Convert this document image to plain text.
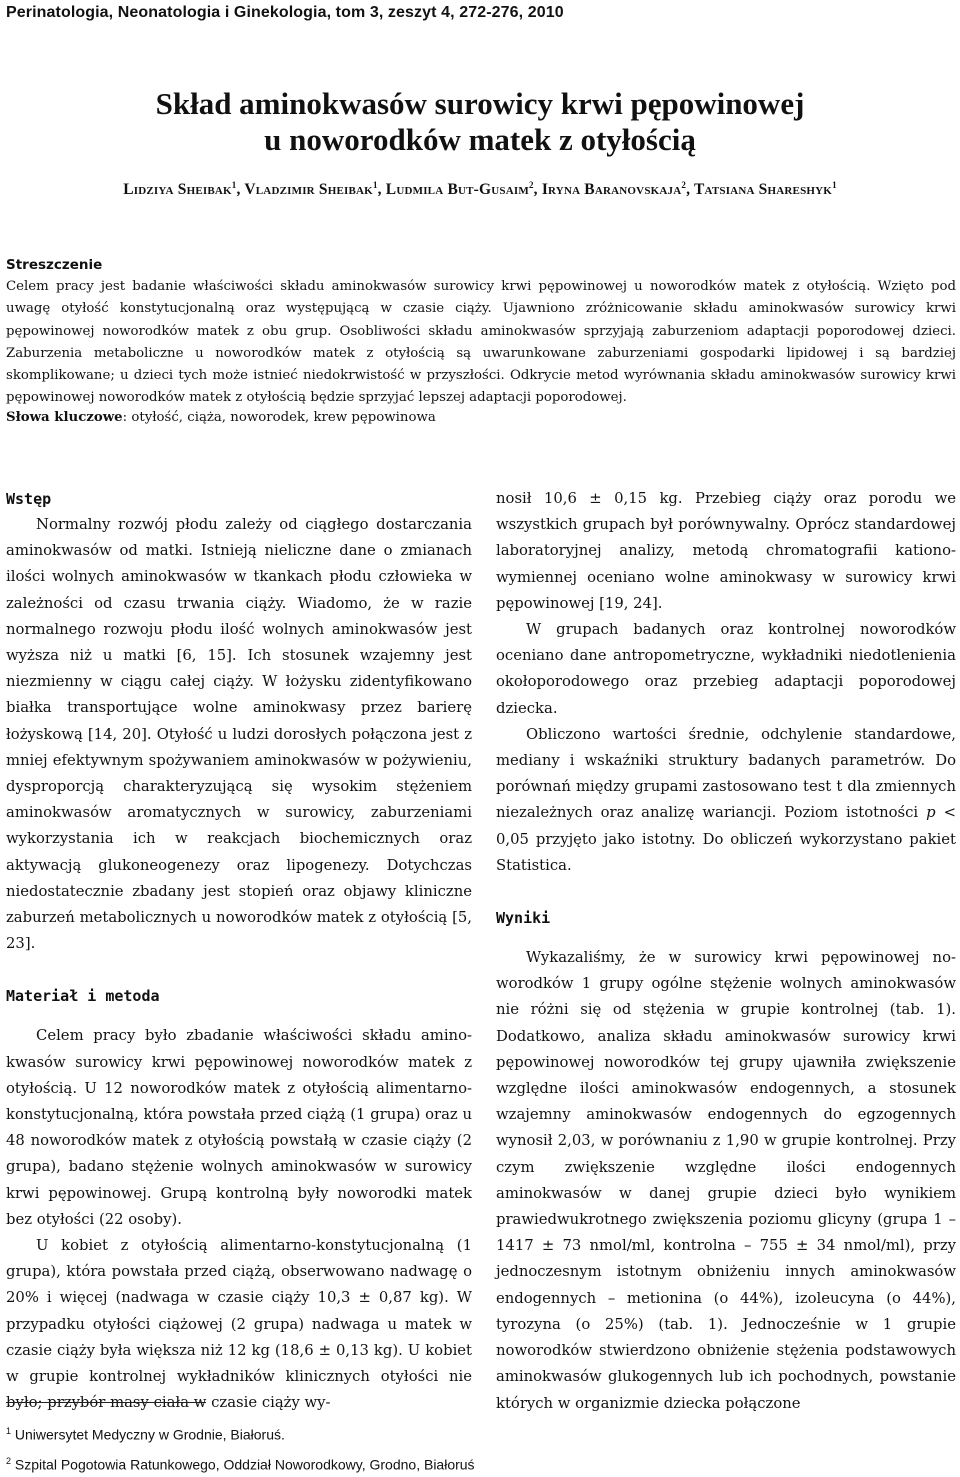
Perinatologia, Neonatologia i Ginekologia, tom 3, zeszyt 4, 272-276, 2010
Skład aminokwasów surowicy krwi pępowinowej
u noworodków matek z otyłością
Lidziya Sheibak$^1$, Vladzimir Sheibak$^1$, Ludmila But-Gusaim$^2$, Iryna Baranovskaja$^2$, Tatsiana Shareshyk$^1$
Streszczenie

Celem pracy jest badanie właściwości składu aminokwasów surowicy krwi pępowinowej u noworodków matek z otyłością. Wzięto pod uwagę otyłość konstytucjonalną oraz występującą w czasie ciąży. Ujawniono zróżnicowanie składu aminokwasów surowicy krwi pępowinowej noworodków matek z obu grup. Osobliwości składu aminokwasów sprzyjają zaburzeniom adaptacji poporodowej dzieci. Zaburzenia metaboliczne u noworodków matek z otyłością są uwarunkowane zaburzeniami gospodarki lipidowej i są bardziej skomplikowane; u dzieci tych może istnieć niedokrwistość w przyszłości. Odkrycie metod wyrównania składu aminokwasów surowicy krwi pępowinowej noworodków matek z otyłością będzie sprzyjać lepszej adaptacji poporodowej.

Słowa kluczowe: otyłość, ciąża, noworodek, krew pępowinowa
Wstęp

Normalny rozwój płodu zależy od ciągłego dostarczania aminokwasów od matki. Istnieją nieliczne dane o zmianach ilości wolnych aminokwasów w tkankach płodu człowieka w zależności od czasu trwania ciąży. Wiadomo, że w razie normalnego rozwoju płodu ilość wolnych aminokwasów jest wyższa niż u matki [6, 15]. Ich stosunek wzajemny jest niezmienny w ciągu całej ciąży. W łożysku zidentyfikowano białka transportujące wolne aminokwasy przez barierę łożyskową [14, 20]. Otyłość u ludzi dorosłych połączona jest z mniej efektywnym spożywaniem aminokwasów w pożywieniu, dysproporcją charakteryzującą się wysokim stężeniem aminokwasów aromatycznych w surowicy, zaburzeniami wykorzystania ich w reakcjach biochemicznych oraz aktywacją glukoneogenezy oraz lipogenezy. Dotychczas niedostatecznie zbadany jest stopień oraz objawy kliniczne zaburzeń metabolicznych u noworodków matek z otyłością [5, 23].

Materiał i metoda

Celem pracy było zbadanie właściwości składu aminokwasów surowicy krwi pępowinowej noworodków matek z otyłością. U 12 noworodków matek z otyłością alimentarno-konstytucjonalną, która powstała przed ciążą (1 grupa) oraz u 48 noworodków matek z otyłością powstałą w czasie ciąży (2 grupa), badano stężenie wolnych aminokwasów w surowicy krwi pępowinowej. Grupą kontrolną były noworodki matek bez otyłości (22 osoby).

U kobiet z otyłością alimentarno-konstytucjonalną (1 grupa), która powstała przed ciążą, obserwowano nadwagę o 20% i więcej (nadwaga w czasie ciąży 10,3 ± 0,87 kg). W przypadku otyłości ciążowej (2 grupa) nadwaga u matek w czasie ciąży była większa niż 12 kg (18,6 ± 0,13 kg). U kobiet w grupie kontrolnej wykładników klinicznych otyłości nie było; przybór masy ciała w czasie ciąży wy-

nosił 10,6 ± 0,15 kg. Przebieg ciąży oraz porodu we wszystkich grupach był porównywalny. Oprócz standardowej laboratoryjnej analizy, metodą chromatografii kationo-wymiennej oceniano wolne aminokwasy w surowicy krwi pępowinowej [19, 24].

W grupach badanych oraz kontrolnej noworodków oceniano dane antropometryczne, wykładniki niedotlenienia okołoporodowego oraz przebieg adaptacji poporodowej dziecka.

Obliczono wartości średnie, odchylenie standardowe, mediany i wskaźniki struktury badanych parametrów. Do porównań między grupami zastosowano test t dla zmiennych niezależnych oraz analizę wariancji. Poziom istotności p < 0,05 przyjęto jako istotny. Do obliczeń wykorzystano pakiet Statistica.

Wyniki

Wykazaliśmy, że w surowicy krwi pępowinowej noworodków 1 grupy ogólne stężenie wolnych aminokwasów nie różni się od stężenia w grupie kontrolnej (tab. 1). Dodatkowo, analiza składu aminokwasów surowicy krwi pępowinowej noworodków tej grupy ujawniła zwiększenie względne ilości aminokwasów endogennych, a stosunek wzajemny aminokwasów endogennych do egzogennych wynosił 2,03, w porównaniu z 1,90 w grupie kontrolnej. Przy czym zwiększenie względne ilości endogennych aminokwasów w danej grupie dzieci było wynikiem prawiedwukrotnego zwiększenia poziomu glicyny (grupa 1 – 1417 ± 73 nmol/ml, kontrolna – 755 ± 34 nmol/ml), przy jednoczesnym istotnym obniżeniu innych aminokwasów endogennych – metionina (o 44%), izoleucyna (o 44%), tyrozyna (o 25%) (tab. 1). Jednocześnie w 1 grupie noworodków stwierdzono obniżenie stężenia podstawowych aminokwasów glukogennych lub ich pochodnych, powstanie których w organizmie dziecka połączone

$^1$ Uniwersytet Medyczny w Grodnie, Białoruś.
$^2$ Szpital Pogotowia Ratunkowego, Oddział Noworodkowy, Grodno, Białoruś
